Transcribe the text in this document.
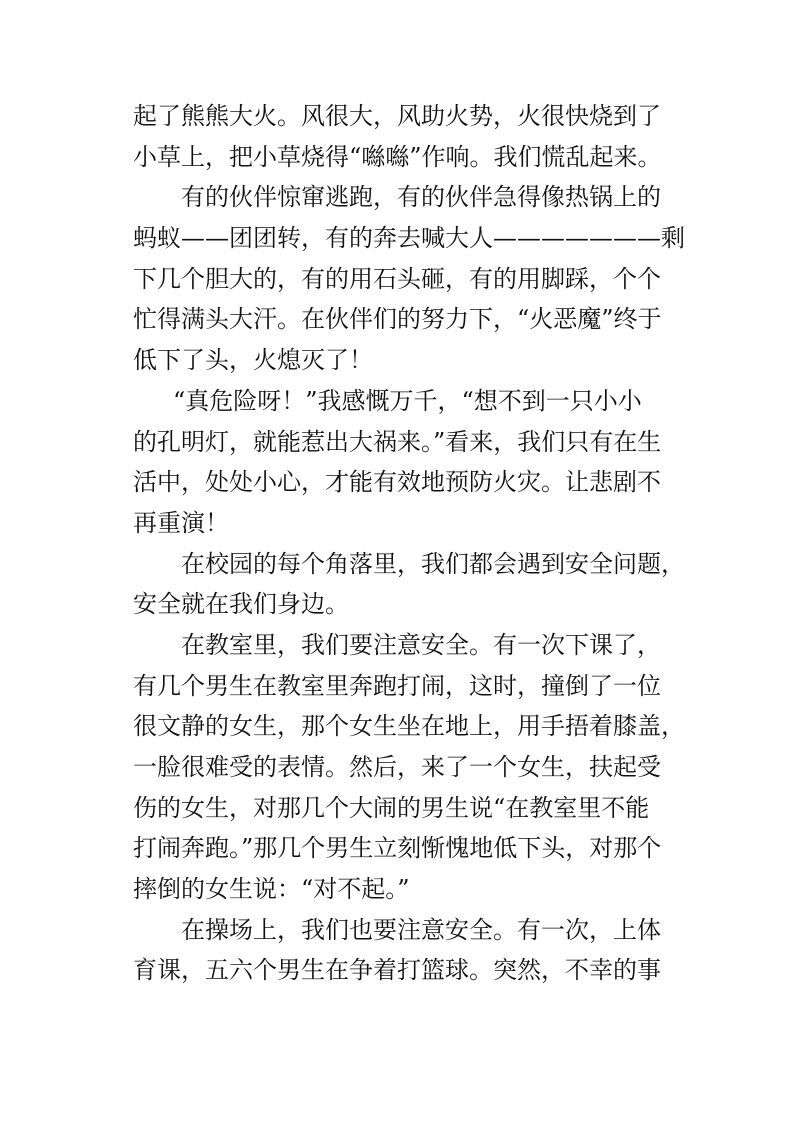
起了熊熊大火。风很大，风助火势，火很快烧到了
小草上，把小草烧得“噝噝”作响。我们慌乱起来。
有的伙伴惊窜逃跑，有的伙伴急得像热锅上的
蚂蚁——团团转，有的奔去喊大人———————剩
下几个胆大的，有的用石头砸，有的用脚踩，个个
忙得满头大汗。在伙伴们的努力下，“火恶魔”终于
低下了头，火熄灭了！
“真危险呀！”我感慨万千，“想不到一只小小
的孔明灯，就能惹出大祸来。”看来，我们只有在生
活中，处处小心，才能有效地预防火灾。让悲剧不
再重演！
在校园的每个角落里，我们都会遇到安全问题，
安全就在我们身边。
在教室里，我们要注意安全。有一次下课了，
有几个男生在教室里奔跑打闹，这时，撞倒了一位
很文静的女生，那个女生坐在地上，用手捂着膝盖，
一脸很难受的表情。然后，来了一个女生，扶起受
伤的女生，对那几个大闹的男生说“在教室里不能
打闹奔跑。”那几个男生立刻惭愧地低下头，对那个
摔倒的女生说：“对不起。”
在操场上，我们也要注意安全。有一次，上体
育课，五六个男生在争着打篮球。突然，不幸的事
